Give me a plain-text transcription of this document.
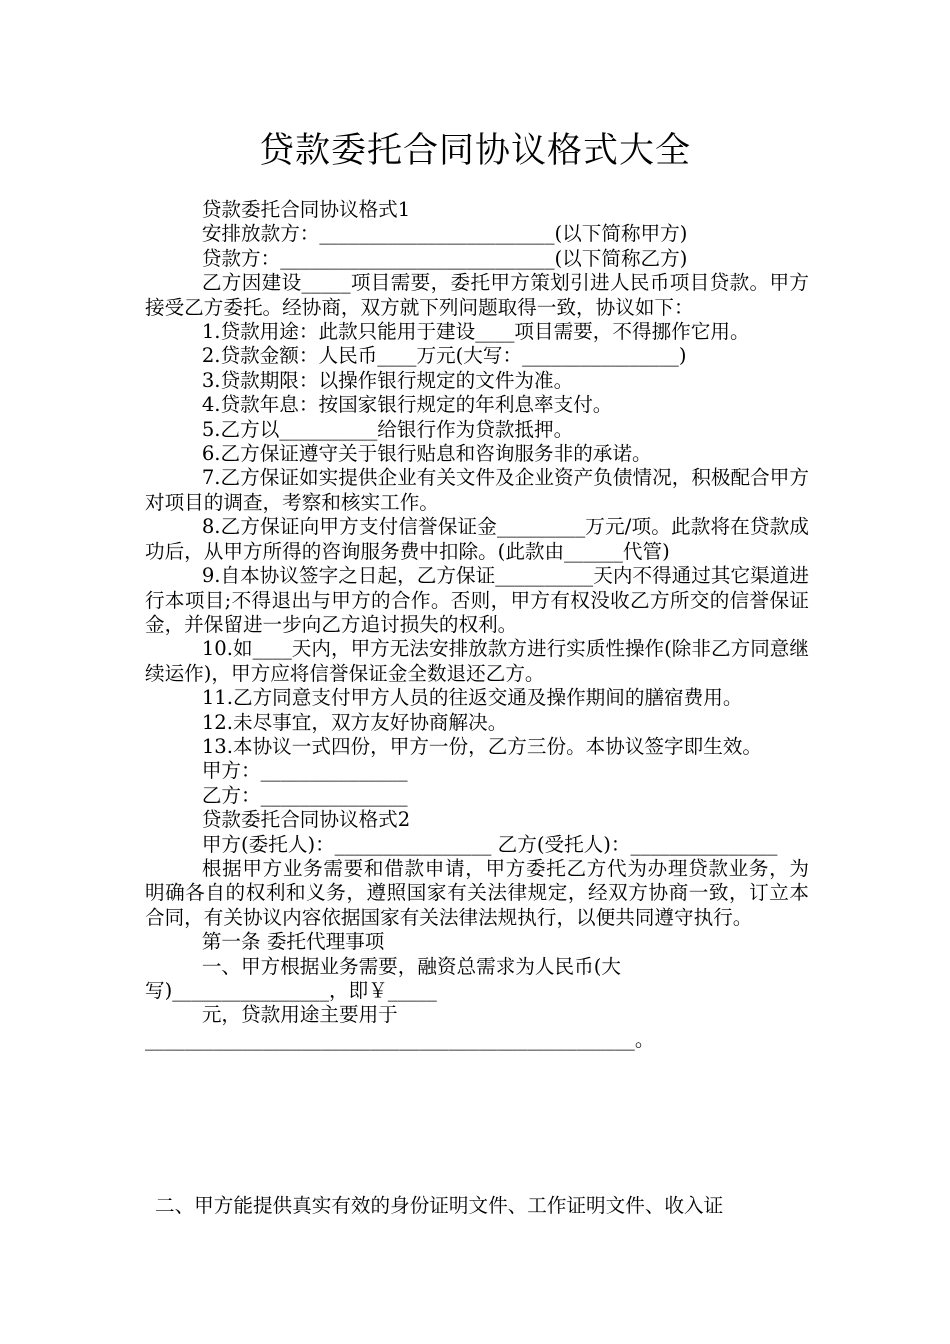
贷款委托合同协议格式大全

贷款委托合同协议格式1

安排放款方：________________________(以下简称甲方)

贷款方：____________________________(以下简称乙方)

乙方因建设_____项目需要，委托甲方策划引进人民币项目贷款。甲方接受乙方委托。经协商，双方就下列问题取得一致，协议如下：

1.贷款用途：此款只能用于建设____项目需要，不得挪作它用。

2.贷款金额：人民币____万元(大写：________________)

3.贷款期限：以操作银行规定的文件为准。

4.贷款年息：按国家银行规定的年利息率支付。

5.乙方以__________给银行作为贷款抵押。

6.乙方保证遵守关于银行贴息和咨询服务非的承诺。

7.乙方保证如实提供企业有关文件及企业资产负债情况，积极配合甲方对项目的调查，考察和核实工作。

8.乙方保证向甲方支付信誉保证金_________万元/项。此款将在贷款成功后，从甲方所得的咨询服务费中扣除。(此款由______代管)

9.自本协议签字之日起，乙方保证__________天内不得通过其它渠道进行本项目;不得退出与甲方的合作。否则，甲方有权没收乙方所交的信誉保证金，并保留进一步向乙方追讨损失的权利。

10.如____天内，甲方无法安排放款方进行实质性操作(除非乙方同意继续运作)，甲方应将信誉保证金全数退还乙方。

11.乙方同意支付甲方人员的往返交通及操作期间的膳宿费用。

12.未尽事宜，双方友好协商解决。

13.本协议一式四份，甲方一份，乙方三份。本协议签字即生效。

甲方：_______________

乙方：_______________

贷款委托合同协议格式2

甲方(委托人)：________________ 乙方(受托人)：_______________

根据甲方业务需要和借款申请，甲方委托乙方代为办理贷款业务，为明确各自的权利和义务，遵照国家有关法律规定，经双方协商一致，订立本合同，有关协议内容依据国家有关法律法规执行，以便共同遵守执行。

第一条 委托代理事项

一、甲方根据业务需要，融资总需求为人民币(大写)________________，即￥_____

元，贷款用途主要用于__________________________________________________。

二、甲方能提供真实有效的身份证明文件、工作证明文件、收入证
